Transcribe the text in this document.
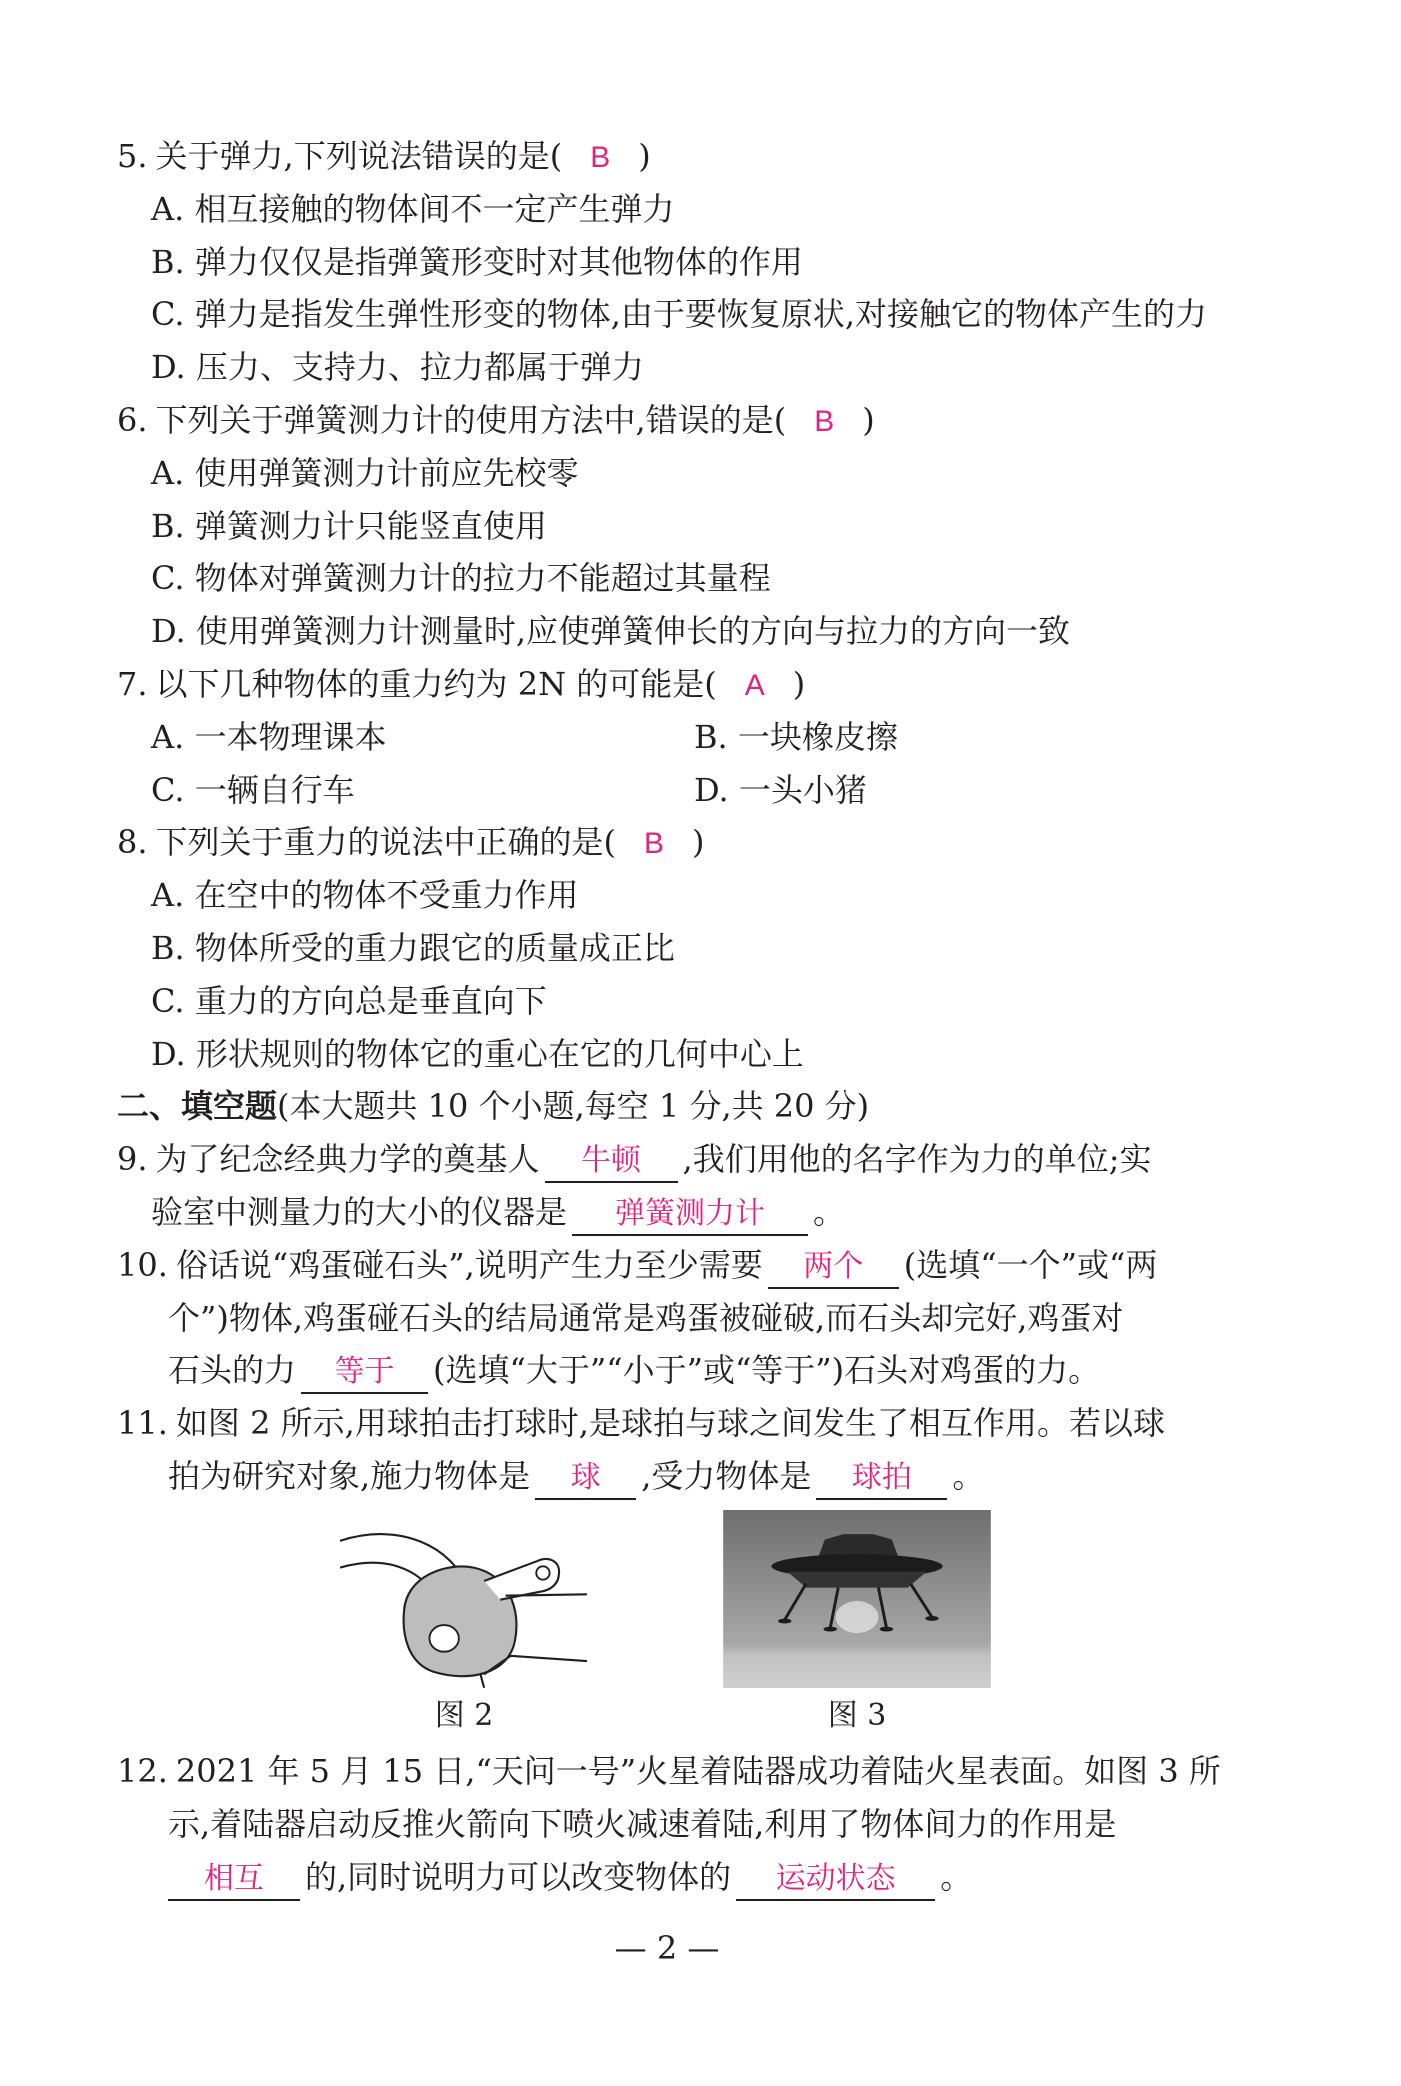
5. 关于弹力,下列说法错误的是( B )
A. 相互接触的物体间不一定产生弹力
B. 弹力仅仅是指弹簧形变时对其他物体的作用
C. 弹力是指发生弹性形变的物体,由于要恢复原状,对接触它的物体产生的力
D. 压力、支持力、拉力都属于弹力
6. 下列关于弹簧测力计的使用方法中,错误的是( B )
A. 使用弹簧测力计前应先校零
B. 弹簧测力计只能竖直使用
C. 物体对弹簧测力计的拉力不能超过其量程
D. 使用弹簧测力计测量时,应使弹簧伸长的方向与拉力的方向一致
7. 以下几种物体的重力约为 2N 的可能是( A )
A. 一本物理课本	B. 一块橡皮擦
C. 一辆自行车	D. 一头小猪
8. 下列关于重力的说法中正确的是( B )
A. 在空中的物体不受重力作用
B. 物体所受的重力跟它的质量成正比
C. 重力的方向总是垂直向下
D. 形状规则的物体它的重心在它的几何中心上
二、填空题(本大题共 10 个小题,每空 1 分,共 20 分)
9. 为了纪念经典力学的奠基人 牛顿 ,我们用他的名字作为力的单位;实
验室中测量力的大小的仪器是 弹簧测力计 。
10. 俗话说“鸡蛋碰石头”,说明产生力至少需要 两个 (选填“一个”或“两
个”)物体,鸡蛋碰石头的结局通常是鸡蛋被碰破,而石头却完好,鸡蛋对
石头的力 等于 (选填“大于”“小于”或“等于”)石头对鸡蛋的力。
11. 如图 2 所示,用球拍击打球时,是球拍与球之间发生了相互作用。若以球
拍为研究对象,施力物体是 球 ,受力物体是 球拍 。
图 2	图 3
12. 2021 年 5 月 15 日,“天问一号”火星着陆器成功着陆火星表面。如图 3 所
示,着陆器启动反推火箭向下喷火减速着陆,利用了物体间力的作用是
相互 的,同时说明力可以改变物体的 运动状态 。
— 2 —
